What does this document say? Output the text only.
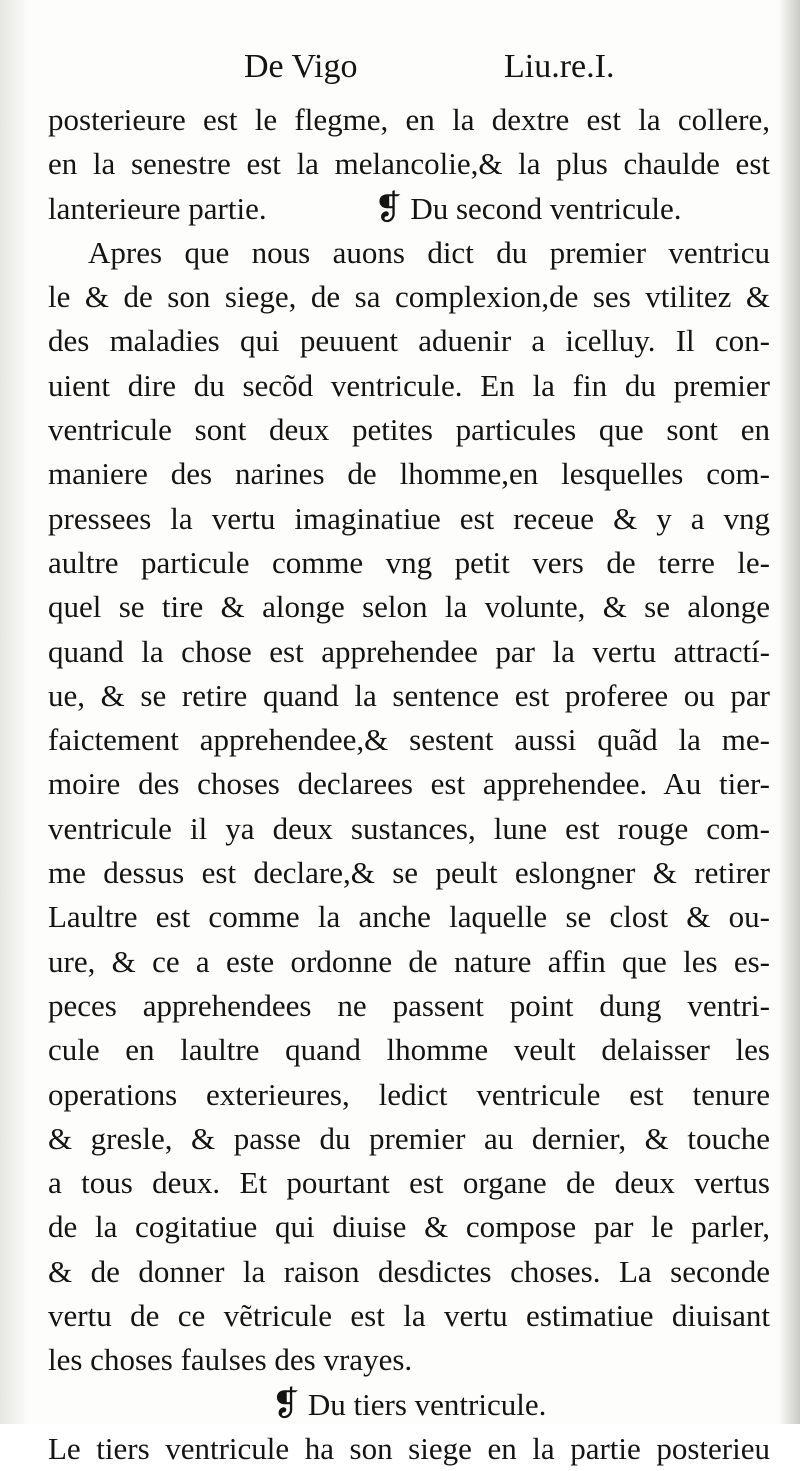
De Vigo	Liu.re.I.
posterieure est le flegme, en la dextre est la collere,
en la senestre est la melancolie,& la plus chaulde est
lanterieure partie.	❡ Du second ventricule.
Apres que nous auons dict du premier ventricu
le & de son siege, de sa complexion,de ses vtilitez &
des maladies qui peuuent aduenir a icelluy. Il con-
uient dire du secõd ventricule. En la fin du premier
ventricule sont deux petites particules que sont en
maniere des narines de lhomme,en lesquelles com-
pressees la vertu imaginatiue est receue & y a vng
aultre particule comme vng petit vers de terre le-
quel se tire & alonge selon la volunte, & se alonge
quand la chose est apprehendee par la vertu attractí-
ue, & se retire quand la sentence est proferee ou par
faictement apprehendee,& sestent aussi quãd la me-
moire des choses declarees est apprehendee. Au tier-
ventricule il ya deux sustances, lune est rouge com-
me dessus est declare,& se peult eslongner & retirer
Laultre est comme la anche laquelle se clost & ou-
ure, & ce a este ordonne de nature affin que les es-
peces apprehendees ne passent point dung ventri-
cule en laultre quand lhomme veult delaisser les
operations exterieures, ledict ventricule est tenure
& gresle, & passe du premier au dernier, & touche
a tous deux. Et pourtant est organe de deux vertus
de la cogitatiue qui diuise & compose par le parler,
& de donner la raison desdictes choses. La seconde
vertu de ce vẽtricule est la vertu estimatiue diuisant
les choses faulses des vrayes.
❡ Du tiers ventricule.
Le tiers ventricule ha son siege en la partie posterieu
